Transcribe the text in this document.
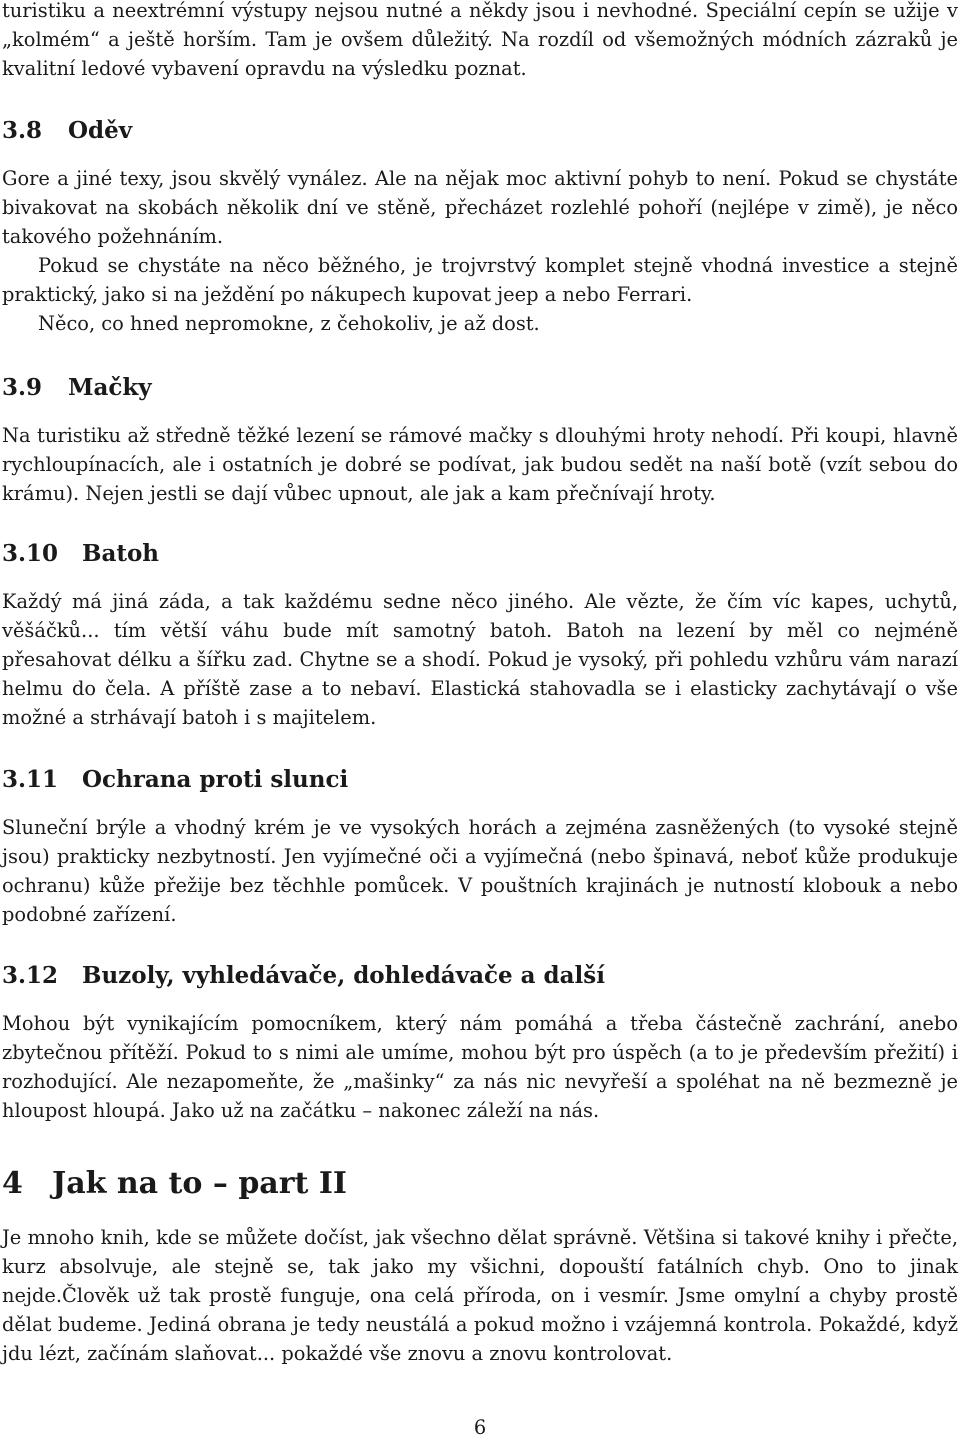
turistiku a neextrémní výstupy nejsou nutné a někdy jsou i nevhodné. Speciální cepín se užije v „kolmém“ a ještě horším. Tam je ovšem důležitý. Na rozdíl od všemožných módních zázraků je kvalitní ledové vybavení opravdu na výsledku poznat.

3.8	Oděv

Gore a jiné texy, jsou skvělý vynález. Ale na nějak moc aktivní pohyb to není. Pokud se chystáte bivakovat na skobách několik dní ve stěně, přecházet rozlehlé pohoří (nejlépe v zimě), je něco takového požehnáním.

Pokud se chystáte na něco běžného, je trojvrstvý komplet stejně vhodná investice a stejně praktický, jako si na ježdění po nákupech kupovat jeep a nebo Ferrari.

Něco, co hned nepromokne, z čehokoliv, je až dost.

3.9	Mačky

Na turistiku až středně těžké lezení se rámové mačky s dlouhými hroty nehodí. Při koupi, hlavně rychloupínacích, ale i ostatních je dobré se podívat, jak budou sedět na naší botě (vzít sebou do krámu). Nejen jestli se dají vůbec upnout, ale jak a kam přečnívají hroty.

3.10	Batoh

Každý má jiná záda, a tak každému sedne něco jiného. Ale vězte, že čím víc kapes, uchytů, věšáčků... tím větší váhu bude mít samotný batoh. Batoh na lezení by měl co nejméně přesahovat délku a šířku zad. Chytne se a shodí. Pokud je vysoký, při pohledu vzhůru vám narazí helmu do čela. A příště zase a to nebaví. Elastická stahovadla se i elasticky zachytávají o vše možné a strhávají batoh i s majitelem.

3.11	Ochrana proti slunci

Sluneční brýle a vhodný krém je ve vysokých horách a zejména zasněžených (to vysoké stejně jsou) prakticky nezbytností. Jen vyjímečné oči a vyjímečná (nebo špinavá, neboť kůže produkuje ochranu) kůže přežije bez těchhle pomůcek. V pouštních krajinách je nutností klobouk a nebo podobné zařízení.

3.12	Buzoly, vyhledávače, dohledávače a další

Mohou být vynikajícím pomocníkem, který nám pomáhá a třeba částečně zachrání, anebo zbytečnou přítěží. Pokud to s nimi ale umíme, mohou být pro úspěch (a to je především přežití) i rozhodující. Ale nezapomeňte, že „mašinky“ za nás nic nevyřeší a spoléhat na ně bezmezně je hloupost hloupá. Jako už na začátku – nakonec záleží na nás.

4 Jak na to – part II

Je mnoho knih, kde se můžete dočíst, jak všechno dělat správně. Většina si takové knihy i přečte, kurz absolvuje, ale stejně se, tak jako my všichni, dopouští fatálních chyb. Ono to jinak nejde.Člověk už tak prostě funguje, ona celá příroda, on i vesmír. Jsme omylní a chyby prostě dělat budeme. Jediná obrana je tedy neustálá a pokud možno i vzájemná kontrola. Pokaždé, když jdu lézt, začínám slaňovat... pokaždé vše znovu a znovu kontrolovat.

6
